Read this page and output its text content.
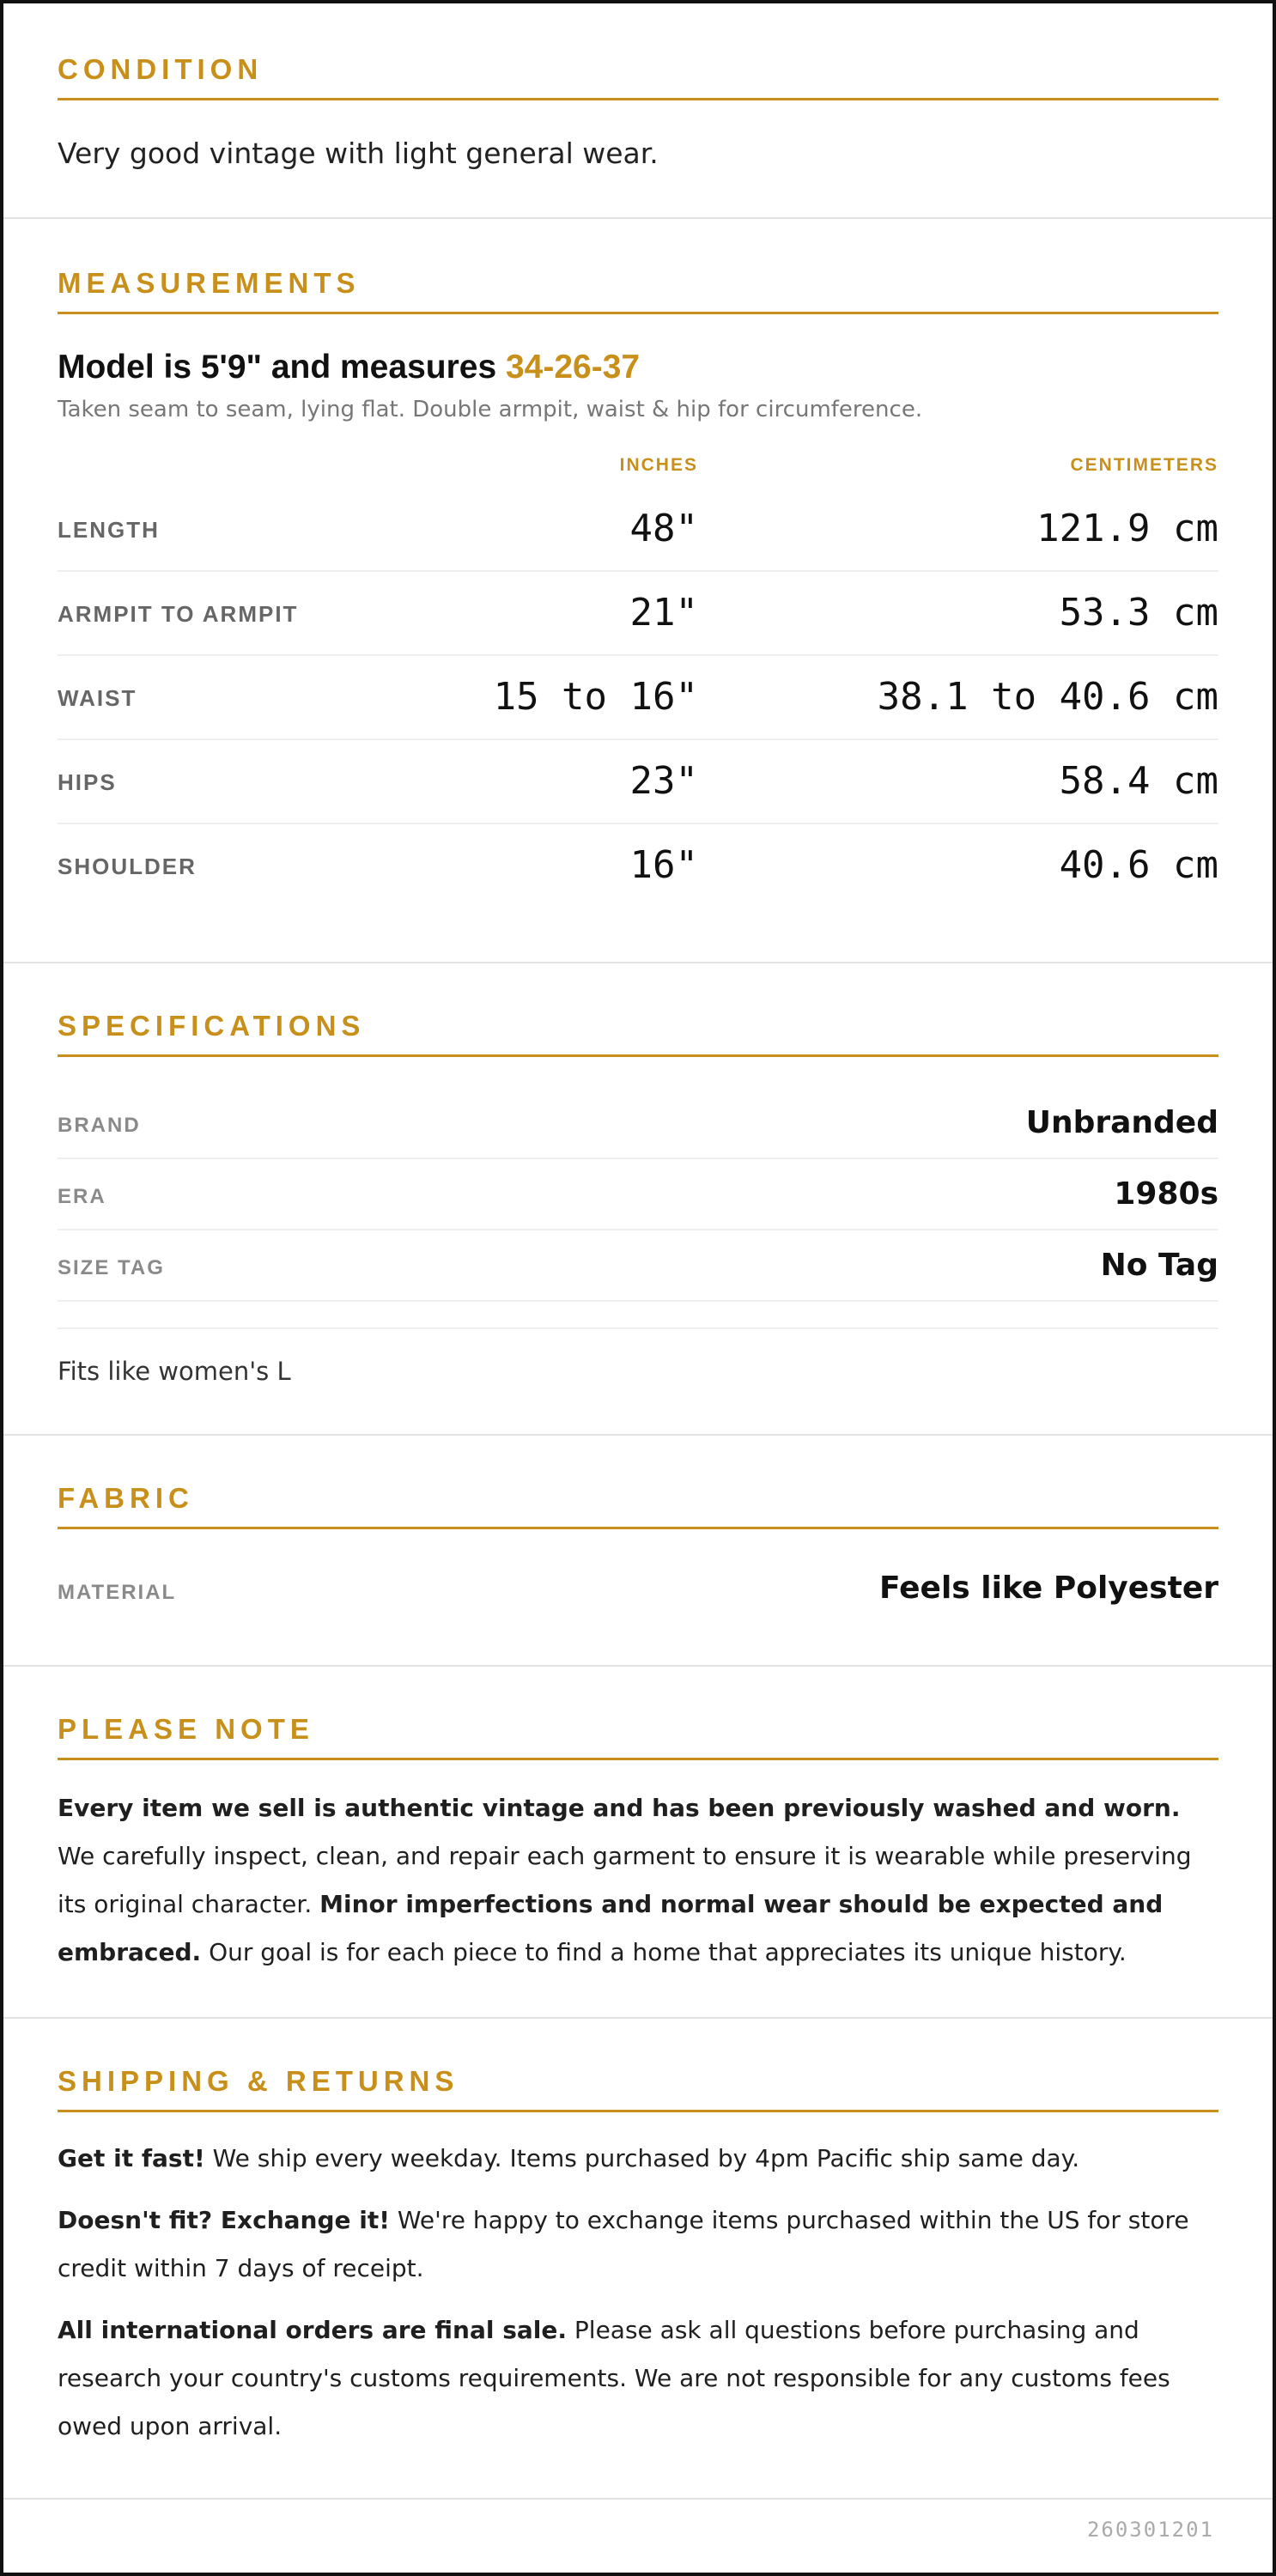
CONDITION
Very good vintage with light general wear.
MEASUREMENTS
Model is 5'9" and measures 34-26-37
Taken seam to seam, lying flat. Double armpit, waist & hip for circumference.
INCHES	CENTIMETERS
LENGTH	48"	121.9 cm
ARMPIT TO ARMPIT	21"	53.3 cm
WAIST	15 to 16"	38.1 to 40.6 cm
HIPS	23"	58.4 cm
SHOULDER	16"	40.6 cm
SPECIFICATIONS
BRAND	Unbranded
ERA	1980s
SIZE TAG	No Tag
Fits like women's L
FABRIC
MATERIAL	Feels like Polyester
PLEASE NOTE

Every item we sell is authentic vintage and has been previously washed and worn. We carefully inspect, clean, and repair each garment to ensure it is wearable while preserving its original character. Minor imperfections and normal wear should be expected and embraced. Our goal is for each piece to find a home that appreciates its unique history.

SHIPPING & RETURNS

Get it fast! We ship every weekday. Items purchased by 4pm Pacific ship same day.

Doesn't fit? Exchange it! We're happy to exchange items purchased within the US for store credit within 7 days of receipt.

All international orders are final sale. Please ask all questions before purchasing and research your country's customs requirements. We are not responsible for any customs fees owed upon arrival.

260301201
